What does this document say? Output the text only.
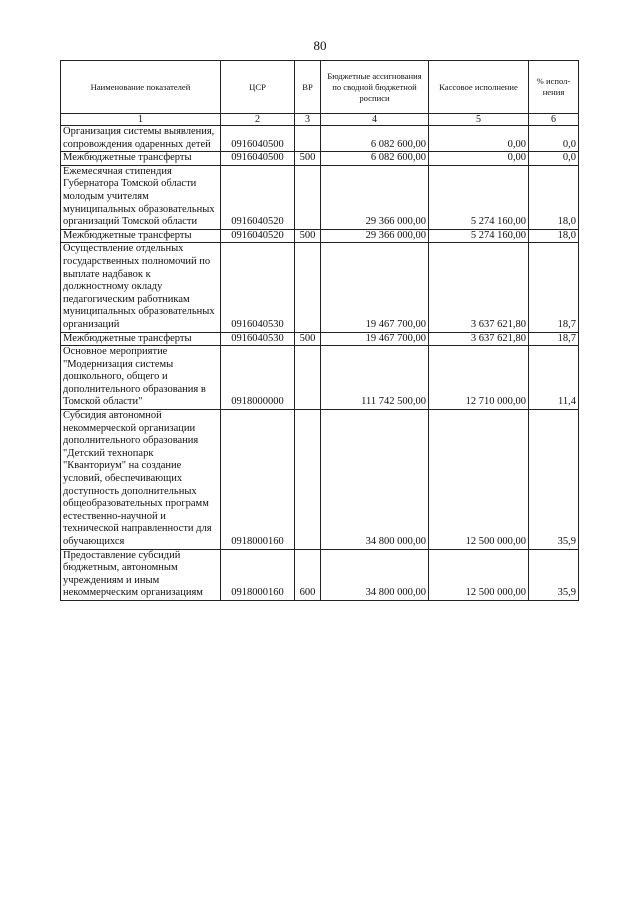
80
Наименование показателей	ЦСР	ВР	Бюджетные ассигнования по сводной бюджетной росписи	Кассовое исполнение	% испол-нения
1	2	3	4	5	6
Организация системы выявления, сопровождения одаренных детей	0916040500		6 082 600,00	0,00	0,0
Межбюджетные трансферты	0916040500	500	6 082 600,00	0,00	0,0
Ежемесячная стипендия Губернатора Томской области молодым учителям муниципальных образовательных организаций Томской области	0916040520		29 366 000,00	5 274 160,00	18,0
Межбюджетные трансферты	0916040520	500	29 366 000,00	5 274 160,00	18,0
Осуществление отдельных государственных полномочий по выплате надбавок к должностному окладу педагогическим работникам муниципальных образовательных организаций	0916040530		19 467 700,00	3 637 621,80	18,7
Межбюджетные трансферты	0916040530	500	19 467 700,00	3 637 621,80	18,7
Основное мероприятие "Модернизация системы дошкольного, общего и дополнительного образования в Томской области"	0918000000		111 742 500,00	12 710 000,00	11,4
Субсидия автономной некоммерческой организации дополнительного образования "Детский технопарк "Кванториум" на создание условий, обеспечивающих доступность дополнительных общеобразовательных программ естественно-научной и технической направленности для обучающихся	0918000160		34 800 000,00	12 500 000,00	35,9
Предоставление субсидий бюджетным, автономным учреждениям и иным некоммерческим организациям	0918000160	600	34 800 000,00	12 500 000,00	35,9
